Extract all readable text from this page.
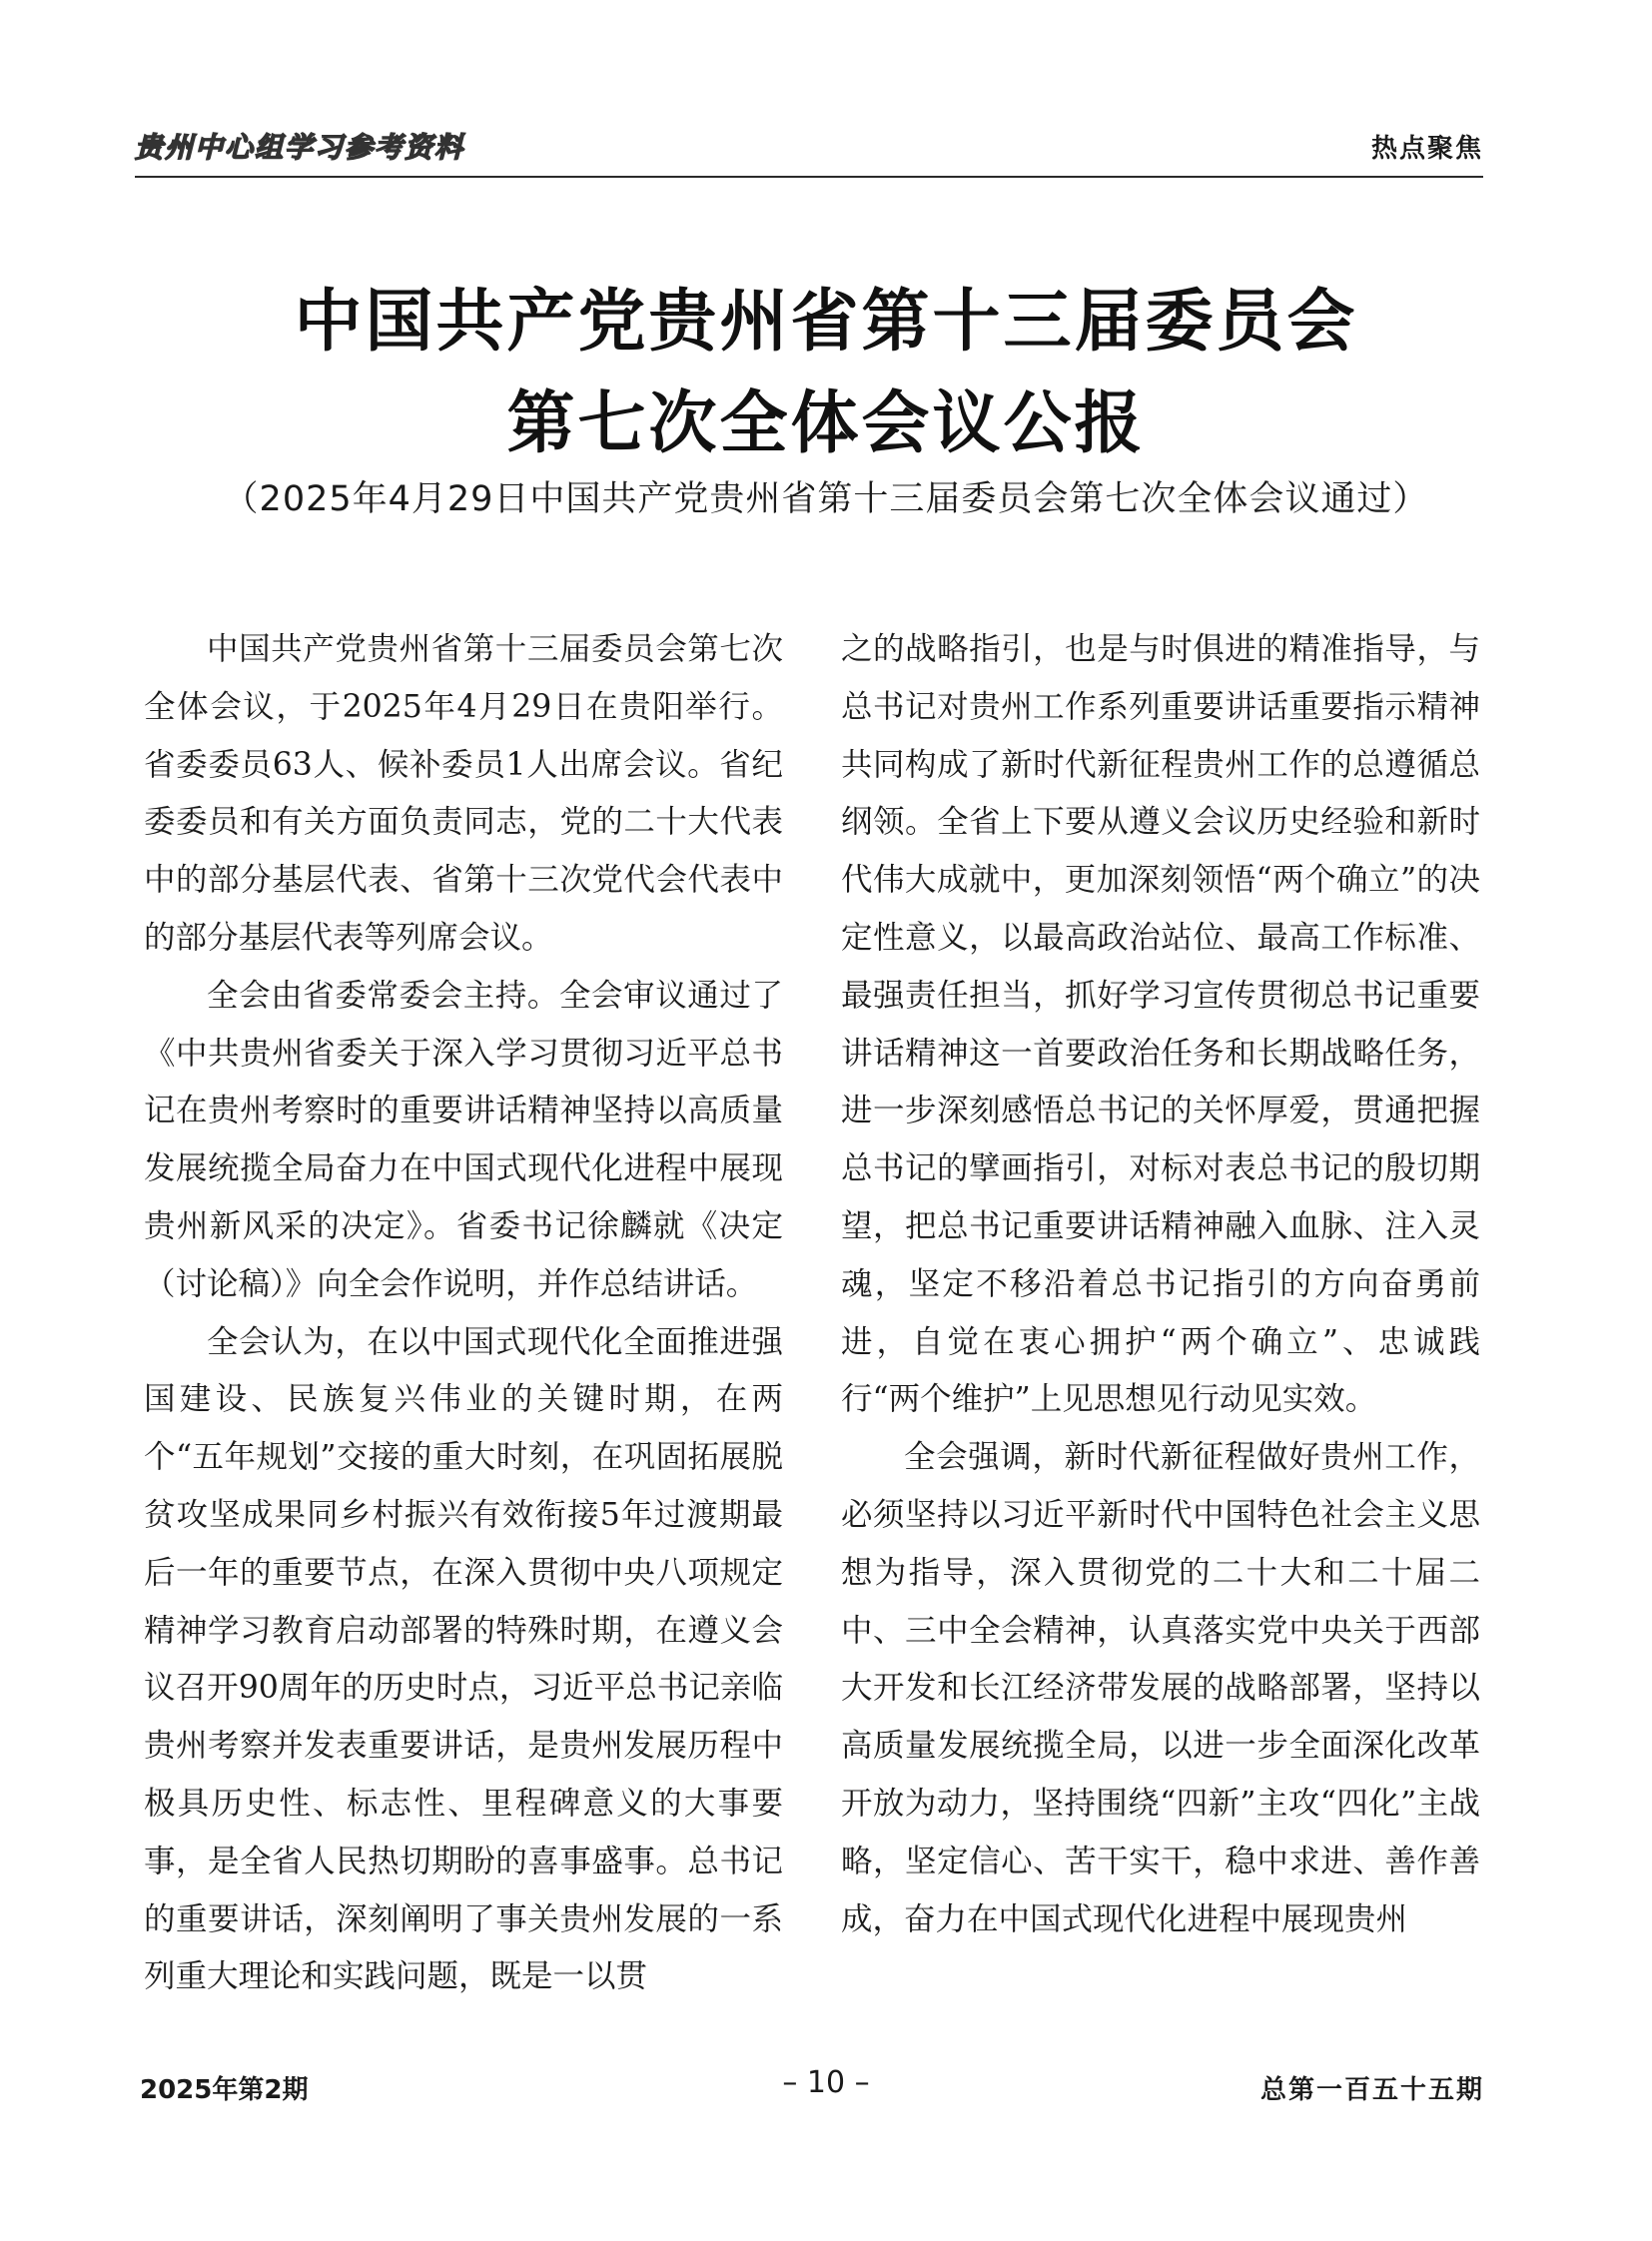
贵州中心组学习参考资料	热点聚焦
中国共产党贵州省第十三届委员会
第七次全体会议公报
（2025年4月29日中国共产党贵州省第十三届委员会第七次全体会议通过）

中国共产党贵州省第十三届委员会第七次全体会议，于2025年4月29日在贵阳举行。省委委员63人、候补委员1人出席会议。省纪委委员和有关方面负责同志，党的二十大代表中的部分基层代表、省第十三次党代会代表中的部分基层代表等列席会议。

全会由省委常委会主持。全会审议通过了《中共贵州省委关于深入学习贯彻习近平总书记在贵州考察时的重要讲话精神坚持以高质量发展统揽全局奋力在中国式现代化进程中展现贵州新风采的决定》。省委书记徐麟就《决定（讨论稿）》向全会作说明，并作总结讲话。

全会认为，在以中国式现代化全面推进强国建设、民族复兴伟业的关键时期，在两个“五年规划”交接的重大时刻，在巩固拓展脱贫攻坚成果同乡村振兴有效衔接5年过渡期最后一年的重要节点，在深入贯彻中央八项规定精神学习教育启动部署的特殊时期，在遵义会议召开90周年的历史时点，习近平总书记亲临贵州考察并发表重要讲话，是贵州发展历程中极具历史性、标志性、里程碑意义的大事要事，是全省人民热切期盼的喜事盛事。总书记的重要讲话，深刻阐明了事关贵州发展的一系列重大理论和实践问题，既是一以贯

之的战略指引，也是与时俱进的精准指导，与总书记对贵州工作系列重要讲话重要指示精神共同构成了新时代新征程贵州工作的总遵循总纲领。全省上下要从遵义会议历史经验和新时代伟大成就中，更加深刻领悟“两个确立”的决定性意义，以最高政治站位、最高工作标准、最强责任担当，抓好学习宣传贯彻总书记重要讲话精神这一首要政治任务和长期战略任务，进一步深刻感悟总书记的关怀厚爱，贯通把握总书记的擘画指引，对标对表总书记的殷切期望，把总书记重要讲话精神融入血脉、注入灵魂，坚定不移沿着总书记指引的方向奋勇前进，自觉在衷心拥护“两个确立”、忠诚践行“两个维护”上见思想见行动见实效。

全会强调，新时代新征程做好贵州工作，必须坚持以习近平新时代中国特色社会主义思想为指导，深入贯彻党的二十大和二十届二中、三中全会精神，认真落实党中央关于西部大开发和长江经济带发展的战略部署，坚持以高质量发展统揽全局，以进一步全面深化改革开放为动力，坚持围绕“四新”主攻“四化”主战略，坚定信心、苦干实干，稳中求进、善作善成，奋力在中国式现代化进程中展现贵州

2025年第2期	– 10 –	总第一百五十五期
